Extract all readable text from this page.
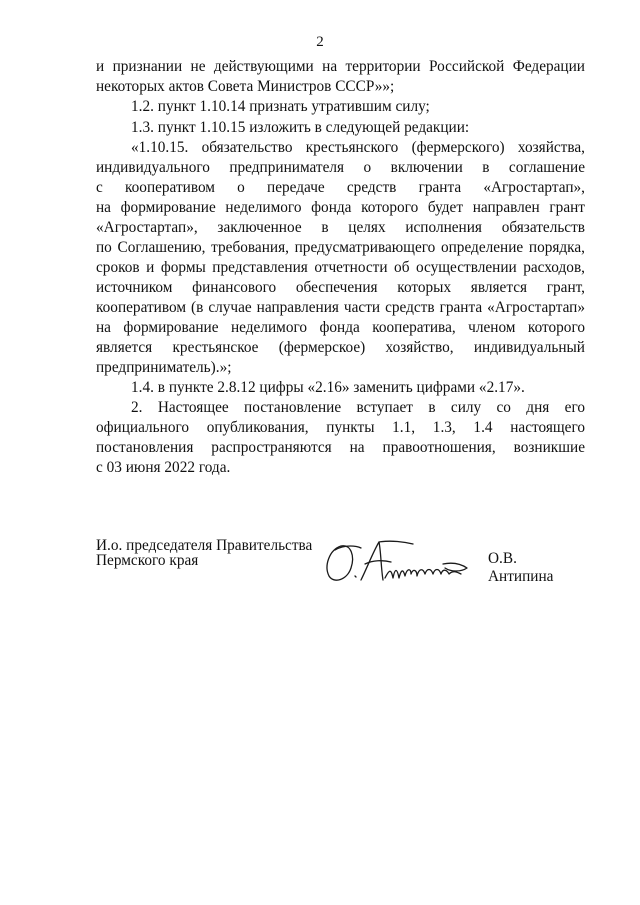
2
и признании не действующими на территории Российской Федерации
некоторых актов Совета Министров СССР»»;
1.2. пункт 1.10.14 признать утратившим силу;
1.3. пункт 1.10.15 изложить в следующей редакции:
«1.10.15. обязательство крестьянского (фермерского) хозяйства,
индивидуального предпринимателя о включении в соглашение
с кооперативом о передаче средств гранта «Агростартап»,
на формирование неделимого фонда которого будет направлен грант
«Агростартап», заключенное в целях исполнения обязательств
по Соглашению, требования, предусматривающего определение порядка,
сроков и формы представления отчетности об осуществлении расходов,
источником финансового обеспечения которых является грант,
кооперативом (в случае направления части средств гранта «Агростартап»
на формирование неделимого фонда кооператива, членом которого
является крестьянское (фермерское) хозяйство, индивидуальный
предприниматель).»;
1.4. в пункте 2.8.12 цифры «2.16» заменить цифрами «2.17».
2. Настоящее постановление вступает в силу со дня его
официального опубликования, пункты 1.1, 1.3, 1.4 настоящего
постановления распространяются на правоотношения, возникшие
с 03 июня 2022 года.
И.о. председателя Правительства
Пермского края	О.В. Антипина
